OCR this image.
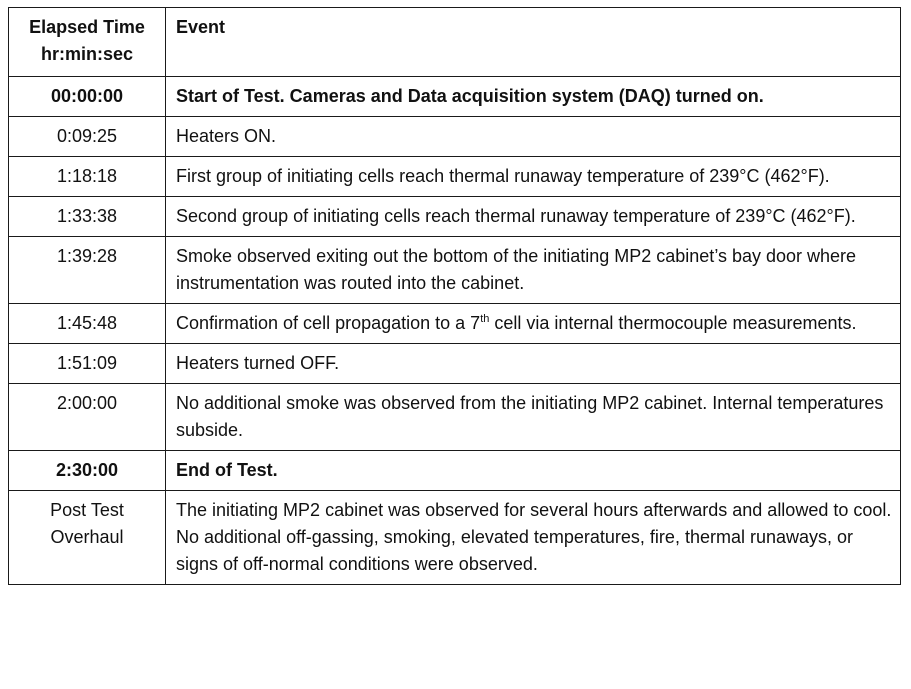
Elapsed Time
hr:min:sec	Event
00:00:00	Start of Test. Cameras and Data acquisition system (DAQ) turned on.
0:09:25	Heaters ON.
1:18:18	First group of initiating cells reach thermal runaway temperature of 239°C (462°F).
1:33:38	Second group of initiating cells reach thermal runaway temperature of 239°C (462°F).
1:39:28	Smoke observed exiting out the bottom of the initiating MP2 cabinet’s bay door where instrumentation was routed into the cabinet.
1:45:48	Confirmation of cell propagation to a 7th cell via internal thermocouple measurements.
1:51:09	Heaters turned OFF.
2:00:00	No additional smoke was observed from the initiating MP2 cabinet. Internal temperatures subside.
2:30:00	End of Test.

Post Test
Overhaul	The initiating MP2 cabinet was observed for several hours afterwards and allowed to cool. No additional off-gassing, smoking, elevated temperatures, fire, thermal runaways, or signs of off-normal conditions were observed.
